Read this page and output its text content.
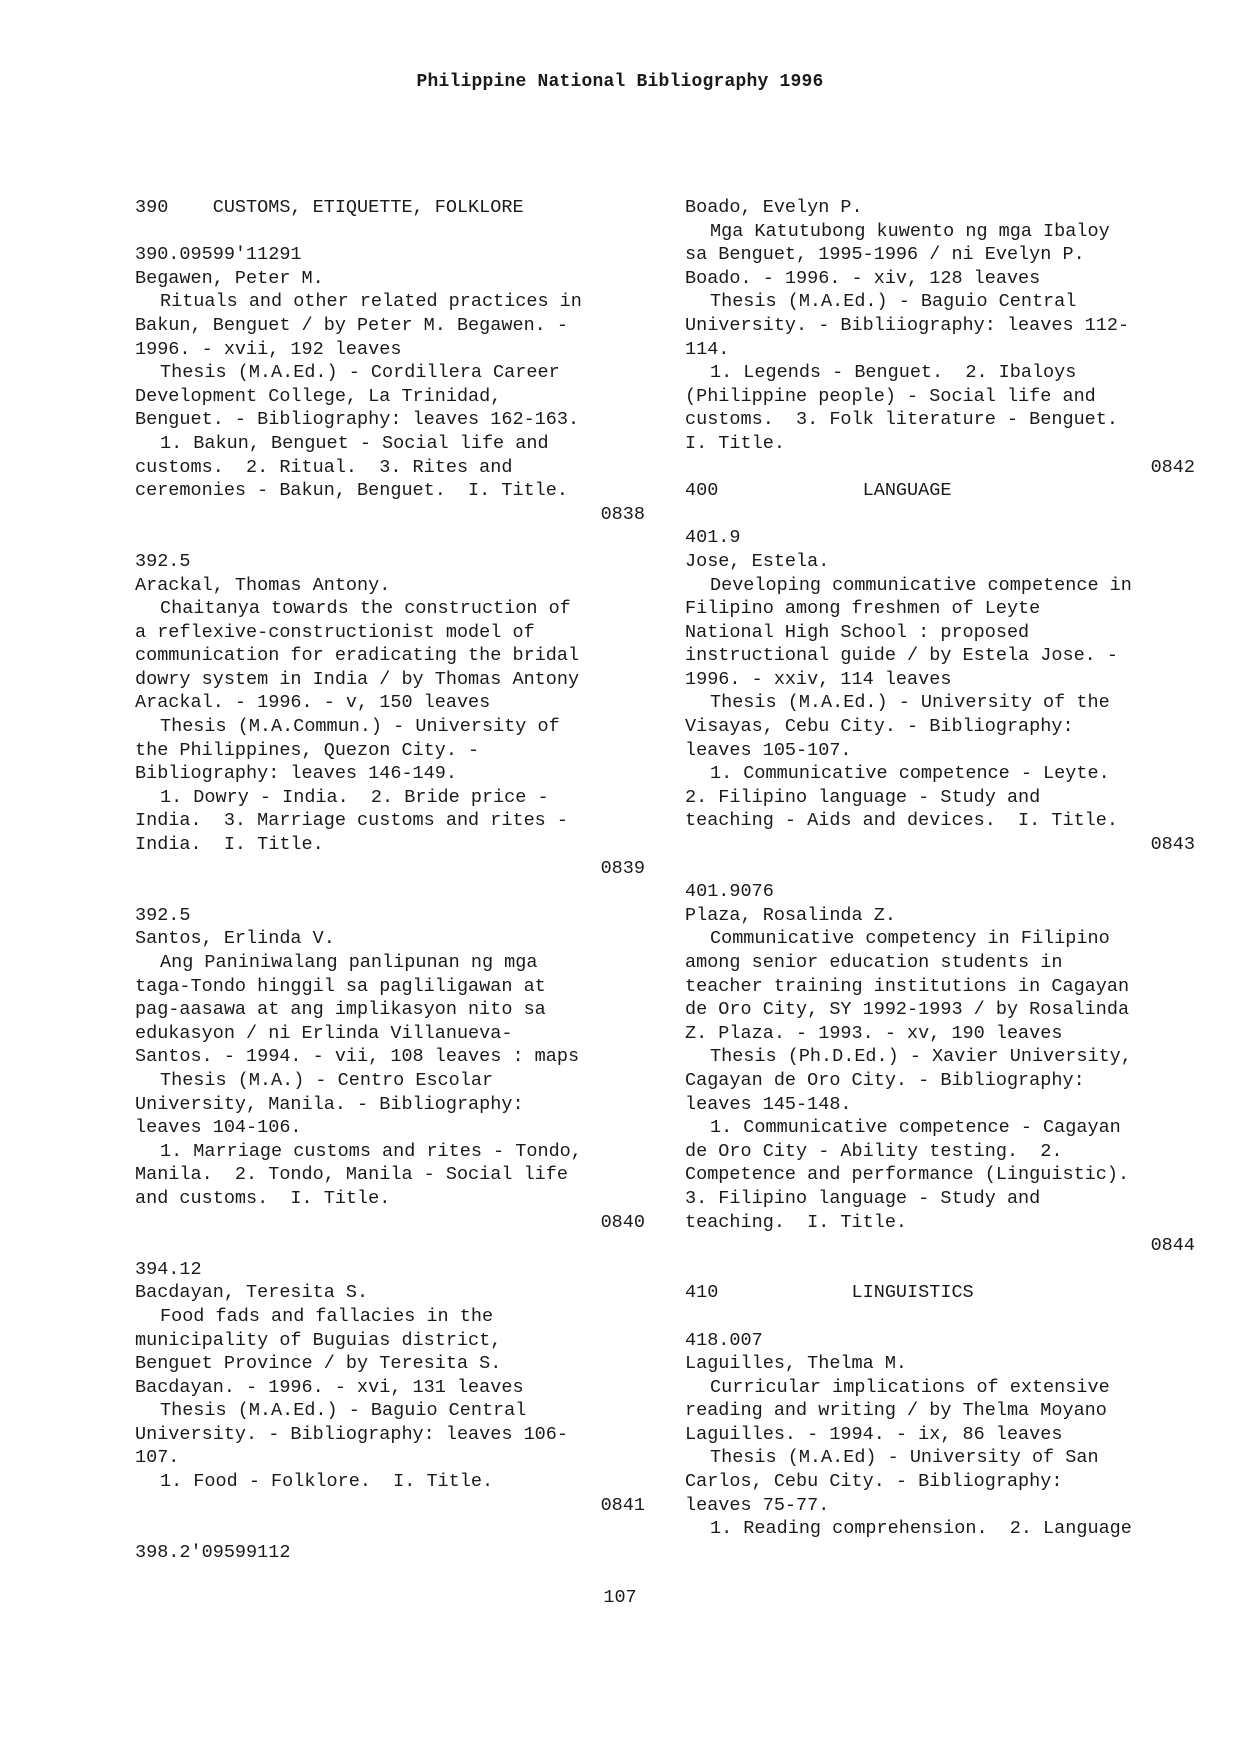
Philippine National Bibliography 1996
390    CUSTOMS, ETIQUETTE, FOLKLORE
390.09599'11291
Begawen, Peter M.
Rituals and other related practices in
Bakun, Benguet / by Peter M. Begawen. -
1996. - xvii, 192 leaves
Thesis (M.A.Ed.) - Cordillera Career
Development College, La Trinidad,
Benguet. - Bibliography: leaves 162-163.
1. Bakun, Benguet - Social life and
customs.  2. Ritual.  3. Rites and
ceremonies - Bakun, Benguet.  I. Title.
0838
392.5
Arackal, Thomas Antony.
Chaitanya towards the construction of
a reflexive-constructionist model of
communication for eradicating the bridal
dowry system in India / by Thomas Antony
Arackal. - 1996. - v, 150 leaves
Thesis (M.A.Commun.) - University of
the Philippines, Quezon City. -
Bibliography: leaves 146-149.
1. Dowry - India.  2. Bride price -
India.  3. Marriage customs and rites -
India.  I. Title.
0839
392.5
Santos, Erlinda V.
Ang Paniniwalang panlipunan ng mga
taga-Tondo hinggil sa pagliligawan at
pag-aasawa at ang implikasyon nito sa
edukasyon / ni Erlinda Villanueva-
Santos. - 1994. - vii, 108 leaves : maps
Thesis (M.A.) - Centro Escolar
University, Manila. - Bibliography:
leaves 104-106.
1. Marriage customs and rites - Tondo,
Manila.  2. Tondo, Manila - Social life
and customs.  I. Title.
0840
394.12
Bacdayan, Teresita S.
Food fads and fallacies in the
municipality of Buguias district,
Benguet Province / by Teresita S.
Bacdayan. - 1996. - xvi, 131 leaves
Thesis (M.A.Ed.) - Baguio Central
University. - Bibliography: leaves 106-
107.
1. Food - Folklore.  I. Title.
0841
398.2'09599112
Boado, Evelyn P.
Mga Katutubong kuwento ng mga Ibaloy
sa Benguet, 1995-1996 / ni Evelyn P.
Boado. - 1996. - xiv, 128 leaves
Thesis (M.A.Ed.) - Baguio Central
University. - Bibliiography: leaves 112-
114.
1. Legends - Benguet.  2. Ibaloys
(Philippine people) - Social life and
customs.  3. Folk literature - Benguet.
I. Title.
0842
400             LANGUAGE
401.9
Jose, Estela.
Developing communicative competence in
Filipino among freshmen of Leyte
National High School : proposed
instructional guide / by Estela Jose. -
1996. - xxiv, 114 leaves
Thesis (M.A.Ed.) - University of the
Visayas, Cebu City. - Bibliography:
leaves 105-107.
1. Communicative competence - Leyte.
2. Filipino language - Study and
teaching - Aids and devices.  I. Title.
0843
401.9076
Plaza, Rosalinda Z.
Communicative competency in Filipino
among senior education students in
teacher training institutions in Cagayan
de Oro City, SY 1992-1993 / by Rosalinda
Z. Plaza. - 1993. - xv, 190 leaves
Thesis (Ph.D.Ed.) - Xavier University,
Cagayan de Oro City. - Bibliography:
leaves 145-148.
1. Communicative competence - Cagayan
de Oro City - Ability testing.  2.
Competence and performance (Linguistic).
3. Filipino language - Study and
teaching.  I. Title.
0844
410            LINGUISTICS
418.007
Laguilles, Thelma M.
Curricular implications of extensive
reading and writing / by Thelma Moyano
Laguilles. - 1994. - ix, 86 leaves
Thesis (M.A.Ed) - University of San
Carlos, Cebu City. - Bibliography:
leaves 75-77.
1. Reading comprehension.  2. Language
107
